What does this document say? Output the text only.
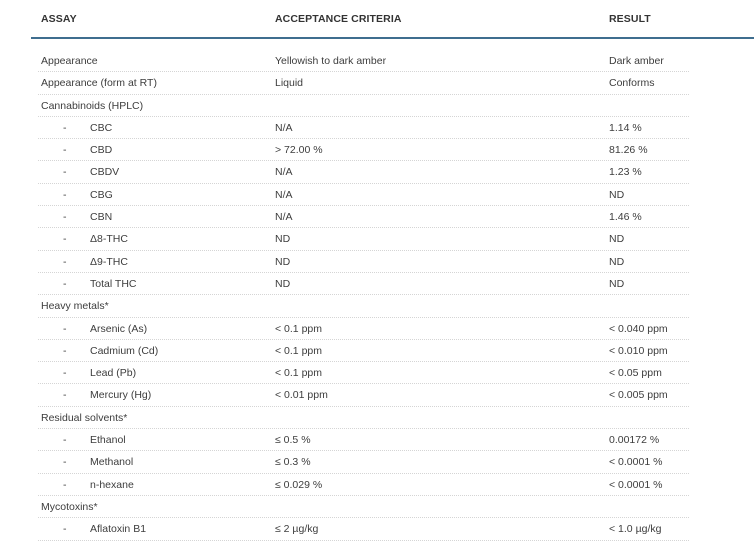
ASSAY	ACCEPTANCE CRITERIA	RESULT
Appearance	Yellowish to dark amber	Dark amber
Appearance (form at RT)	Liquid	Conforms
Cannabinoids (HPLC)
- CBC	N/A	1.14 %
- CBD	> 72.00 %	81.26 %
- CBDV	N/A	1.23 %
- CBG	N/A	ND
- CBN	N/A	1.46 %
- Δ8-THC	ND	ND
- Δ9-THC	ND	ND
- Total THC	ND	ND
Heavy metals*
- Arsenic (As)	< 0.1 ppm	< 0.040 ppm
- Cadmium (Cd)	< 0.1 ppm	< 0.010 ppm
- Lead (Pb)	< 0.1 ppm	< 0.05 ppm
- Mercury (Hg)	< 0.01 ppm	< 0.005 ppm
Residual solvents*
- Ethanol	≤ 0.5 %	0.00172 %
- Methanol	≤ 0.3 %	< 0.0001 %
- n-hexane	≤ 0.029 %	< 0.0001 %
Mycotoxins*
- Aflatoxin B1	≤ 2 µg/kg	< 1.0 µg/kg
